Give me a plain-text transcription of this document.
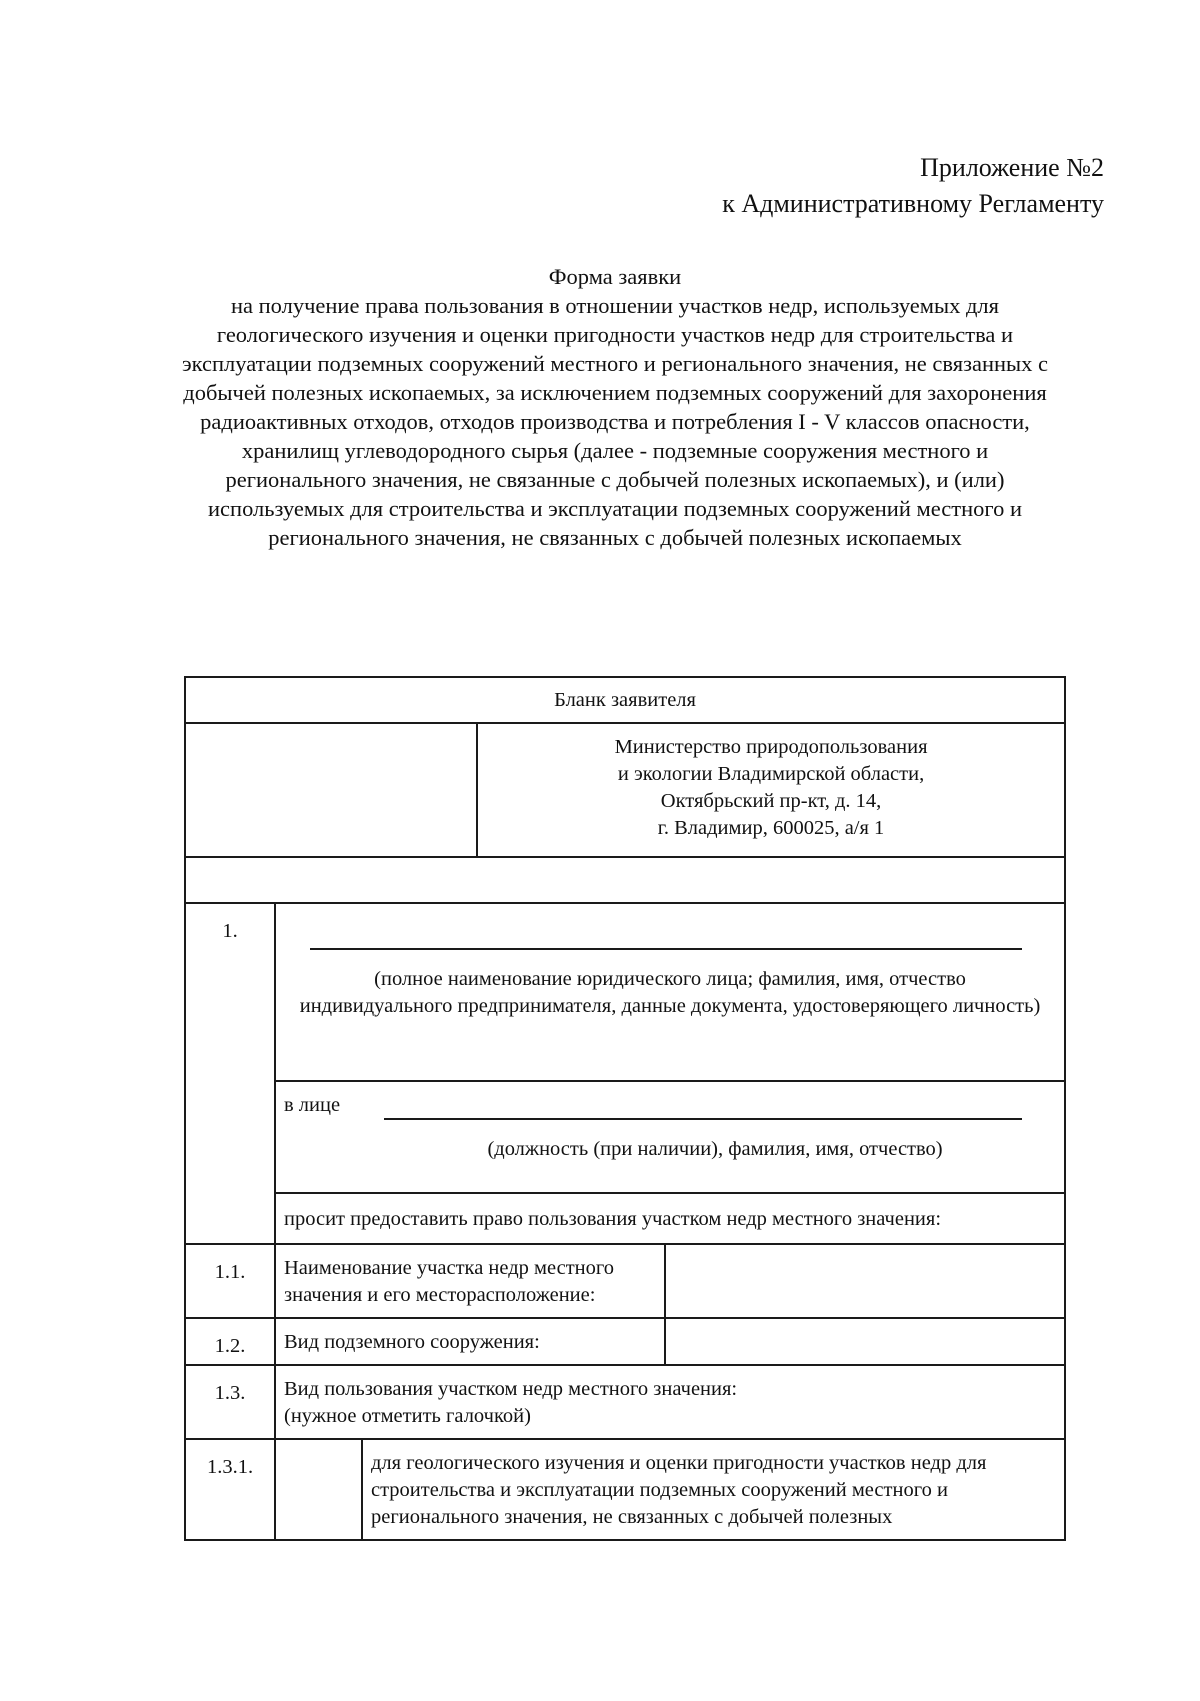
Приложение №2
к Административному Регламенту
Форма заявки
на получение права пользования в отношении участков недр, используемых для геологического изучения и оценки пригодности участков недр для строительства и эксплуатации подземных сооружений местного и регионального значения, не связанных с добычей полезных ископаемых, за исключением подземных сооружений для захоронения радиоактивных отходов, отходов производства и потребления I - V классов опасности, хранилищ углеводородного сырья (далее - подземные сооружения местного и регионального значения, не связанные с добычей полезных ископаемых), и (или) используемых для строительства и эксплуатации подземных сооружений местного и регионального значения, не связанных с добычей полезных ископаемых
Бланк заявителя				

			Министерство природопользования
и экологии Владимирской области,
Октябрьский пр-кт, д. 14,
г. Владимир, 600025, а/я 1	

1.	(полное наименование юридического лица; фамилия, имя, отчество индивидуального предпринимателя, данные документа, удостоверяющего личность)			

	в лице
(должность (при наличии), фамилия, имя, отчество)			

	просит предоставить право пользования участком недр местного значения:			
1.1.	Наименование участка недр местного значения и его месторасположение:			
1.2.	Вид подземного сооружения:			
1.3.	Вид пользования участком недр местного значения:
(нужное отметить галочкой)			

1.3.1.		для геологического изучения и оценки пригодности участков недр для строительства и эксплуатации подземных сооружений местного и регионального значения, не связанных с добычей полезных		
